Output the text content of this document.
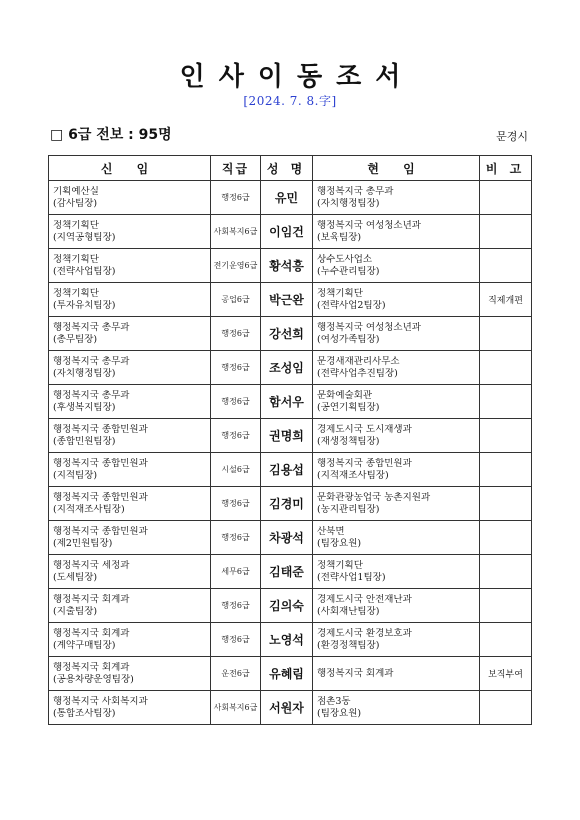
인사이동조서
[2024. 7. 8.字]
□ 6급 전보 : 95명	문경시
신 임	직급	성 명	현 임	비 고

기획예산실
(감사팀장)	행정6급	유민	행정복지국 총무과
(자치행정팀장)	

정책기획단
(지역공형팀장)	사회복지6급	이임건	행정복지국 여성청소년과
(보육팀장)	

정책기획단
(전략사업팀장)	전기운영6급	황석흥	상수도사업소
(누수관리팀장)	

정책기획단
(투자유치팀장)	공업6급	박근완	정책기획단
(전략사업2팀장)	직제개편

행정복지국 총무과
(총무팀장)	행정6급	강선희	행정복지국 여성청소년과
(여성가족팀장)	

행정복지국 총무과
(자치행정팀장)	행정6급	조성임	문경새재관리사무소
(전략사업추진팀장)	

행정복지국 총무과
(후생복지팀장)	행정6급	함서우	문화예술회관
(공연기획팀장)	

행정복지국 종합민원과
(종합민원팀장)	행정6급	권명희	경제도시국 도시재생과
(재생정책팀장)	

행정복지국 종합민원과
(지적팀장)	시설6급	김용섭	행정복지국 종합민원과
(지적재조사팀장)	

행정복지국 종합민원과
(지적재조사팀장)	행정6급	김경미	문화관광농업국 농촌지원과
(농지관리팀장)	

행정복지국 종합민원과
(제2민원팀장)	행정6급	차광석	산북면
(팀장요원)	

행정복지국 세정과
(도세팀장)	세무6급	김태준	정책기획단
(전략사업1팀장)	

행정복지국 회계과
(지출팀장)	행정6급	김의숙	경제도시국 안전재난과
(사회재난팀장)	

행정복지국 회계과
(계약구매팀장)	행정6급	노영석	경제도시국 환경보호과
(환경정책팀장)	

행정복지국 회계과
(공용차량운영팀장)	운전6급	유혜림	행정복지국 회계과	보직부여

행정복지국 사회복지과
(통합조사팀장)	사회복지6급	서원자	점촌3동
(팀장요원)	
